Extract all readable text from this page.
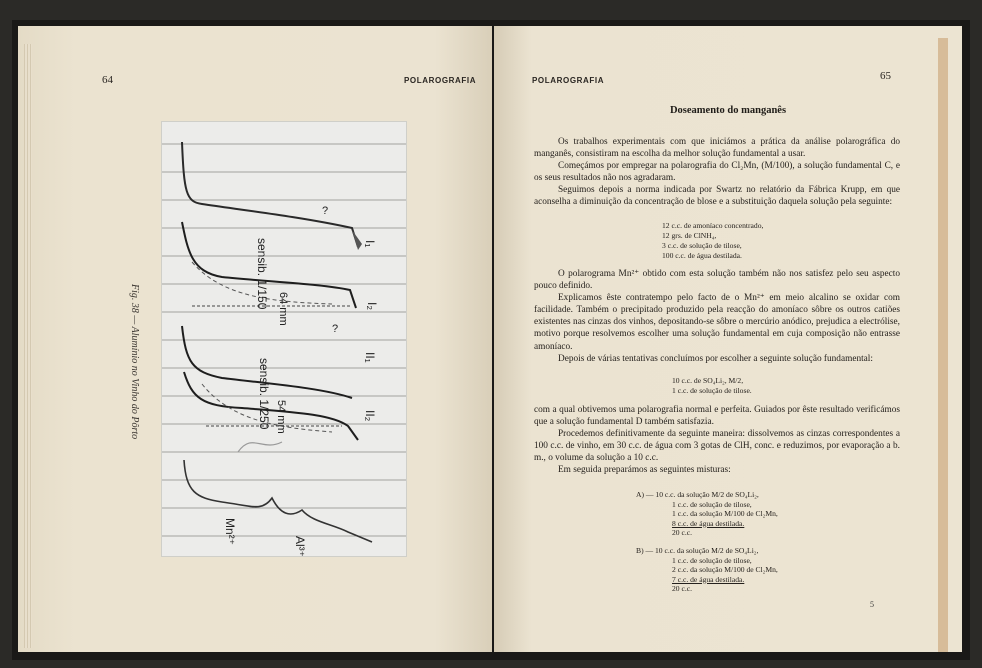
64	POLAROGRAFIA
Fig. 38 — Alumínio no Vinho do Pôrto
I₁
I₂
II₁
II₂
sensib. 1/150
sensib. 1/250
64 mm
54 mm
Mn²⁺
Al³⁺
?
?
POLAROGRAFIA	65
Doseamento do manganês

Os trabalhos experimentais com que iniciámos a prática da análise polarográfica do manganês, consistiram na escolha da melhor solução fundamental a usar.

Começámos por empregar na polarografia do Cl₂Mn, (M/100), a solução fundamental C, e os seus resultados não nos agradaram.

Seguimos depois a norma indicada por Swartz no relatório da Fábrica Krupp, em que aconselha a diminuição da concentração de blose e a substituição daquela solução pela seguinte:

12 c.c. de amoníaco concentrado,
12 grs. de ClNH₄,
3 c.c. de solução de tilose,
100 c.c. de água destilada.

O polarograma Mn²⁺ obtido com esta solução também não nos satisfez pelo seu aspecto pouco definido.

Explicamos êste contratempo pelo facto de o Mn²⁺ em meio alcalino se oxidar com facilidade. Também o precipitado produzido pela reacção do amoníaco sôbre os outros catiões existentes nas cinzas dos vinhos, depositando-se sôbre o mercúrio anódico, prejudica a electrólise, motivo porque resolvemos escolher uma solução fundamental em cuja composição não entrasse amoníaco.

Depois de várias tentativas concluímos por escolher a seguinte solução fundamental:

10 c.c. de SO₄Li₂, M/2,
1 c.c. de solução de tilose.

com a qual obtivemos uma polarografia normal e perfeita. Guiados por êste resultado verificámos que a solução fundamental D também satisfazia.

Procedemos definitivamente da seguinte maneira: dissolvemos as cinzas correspondentes a 100 c.c. de vinho, em 30 c.c. de água com 3 gotas de ClH, conc. e reduzimos, por evaporação a b. m., o volume da solução a 10 c.c.

Em seguida preparámos as seguintes misturas:

A) — 10 c.c. da solução M/2 de SO₄Li₂,
1 c.c. de solução de tilose,
1 c.c. da solução M/100 de Cl₂Mn,
8 c.c. de água destilada.
20 c.c.
B) — 10 c.c. da solução M/2 de SO₄Li₂,
1 c.c. de solução de tilose,
2 c.c. da solução M/100 de Cl₂Mn,
7 c.c. de água destilada.
20 c.c.
5
